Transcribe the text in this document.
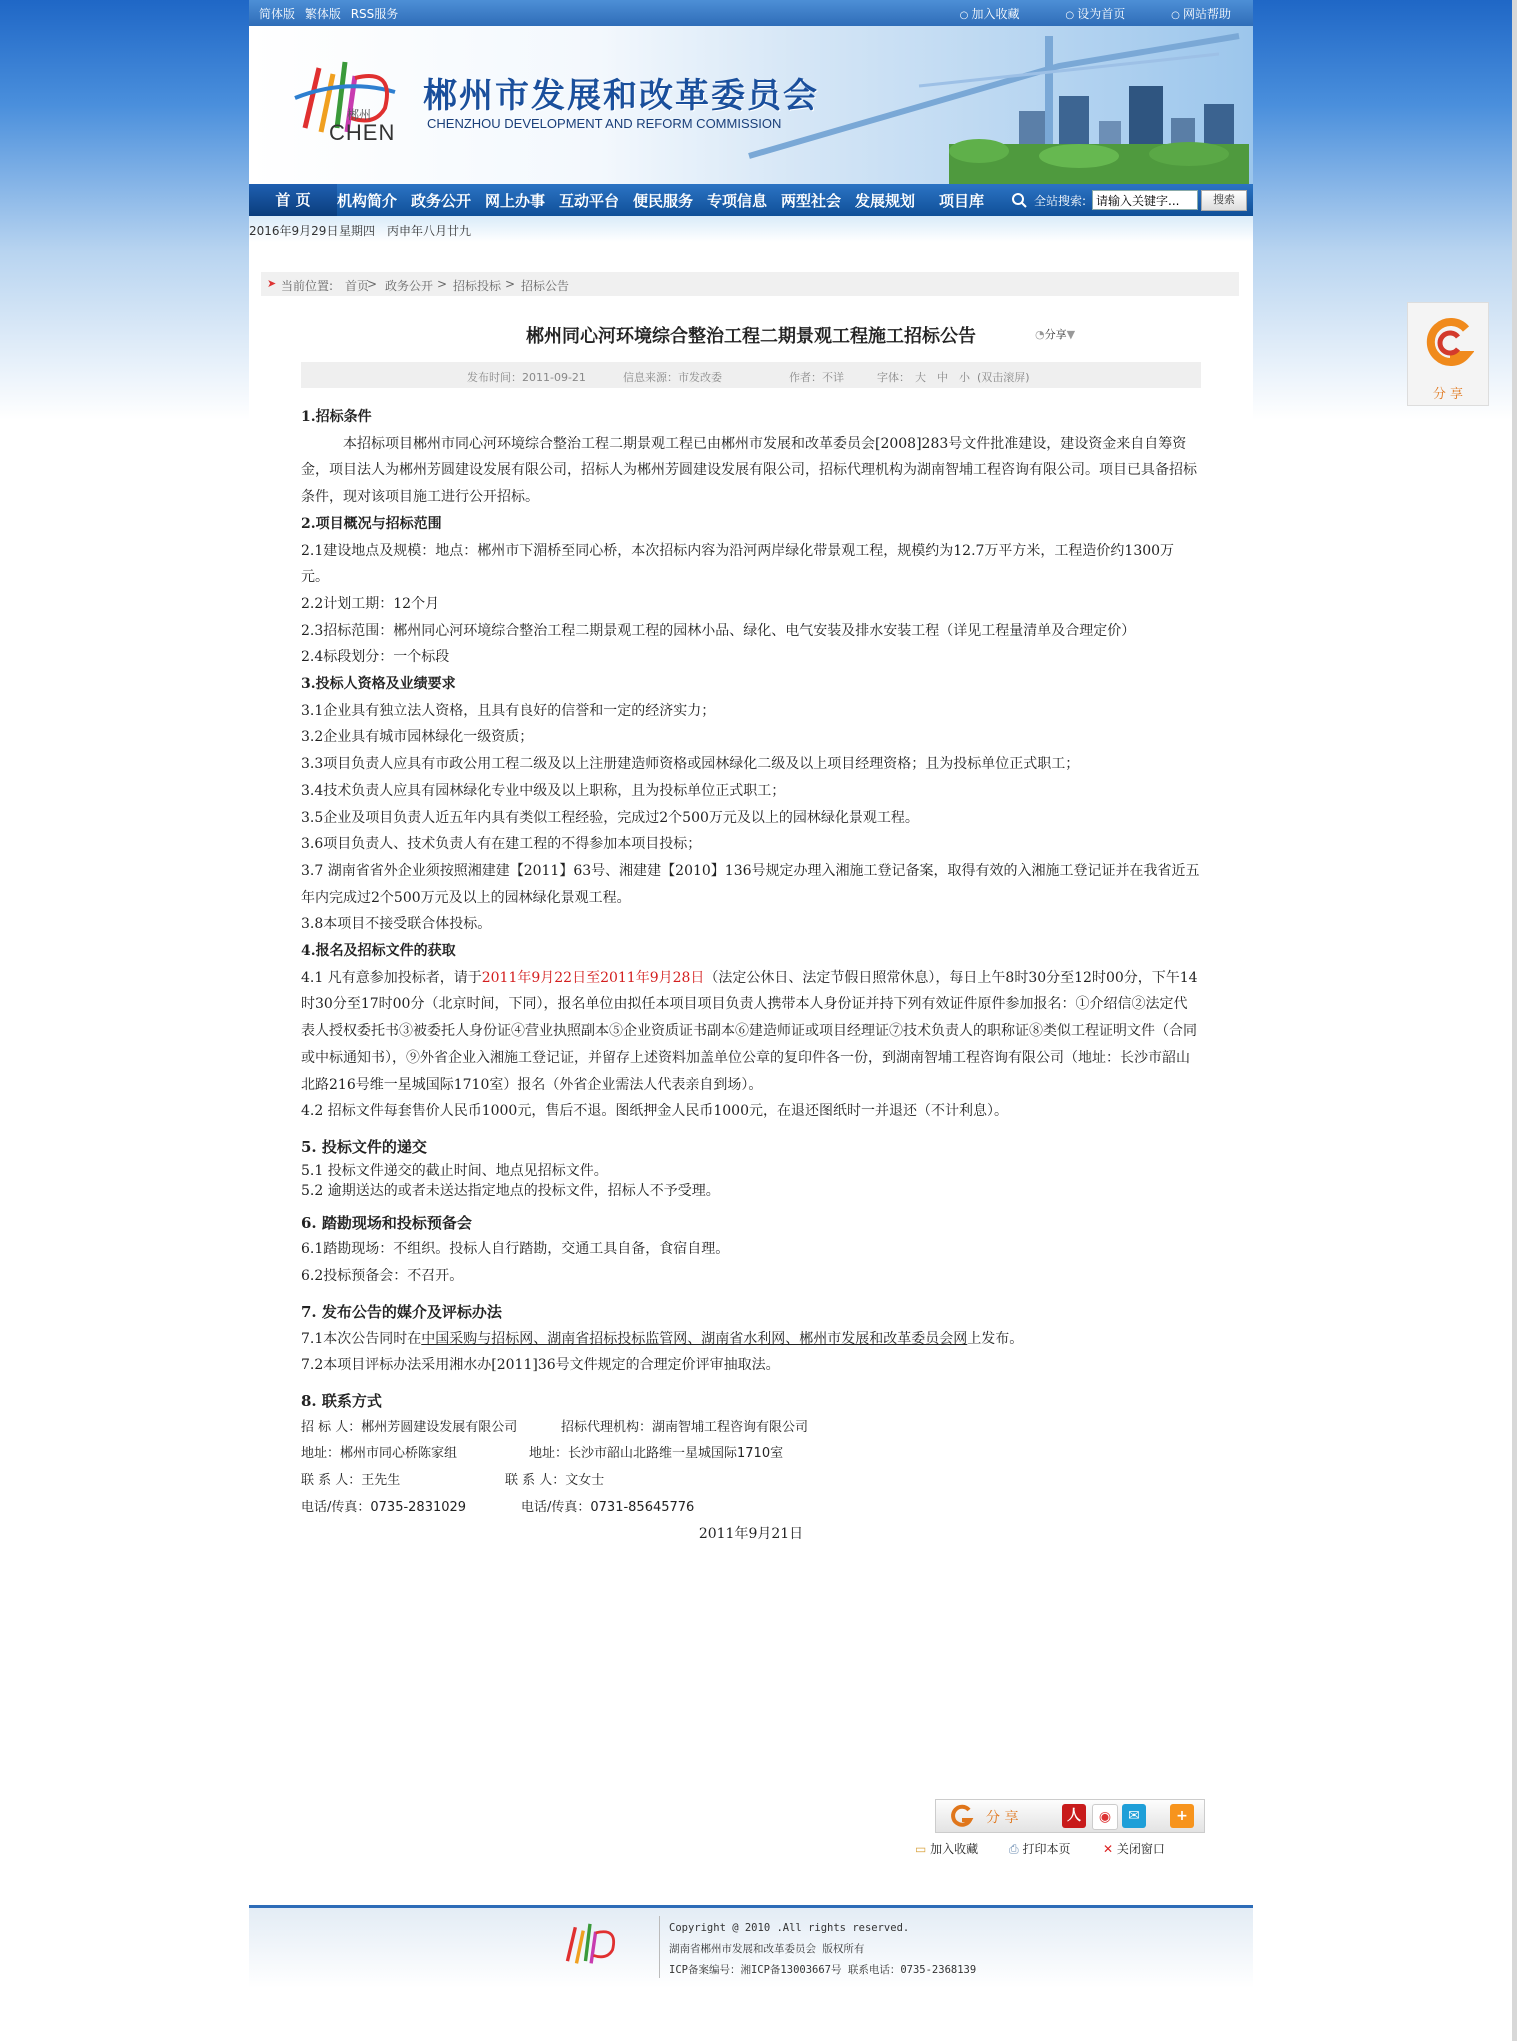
简体版 繁体版 RSS服务	○ 加入收藏	○ 设为首页	○ 网站帮助
郴州
CHEN
郴州市发展和改革委员会
CHENZHOU DEVELOPMENT AND REFORM COMMISSION
首 页	机构简介 政务公开 网上办事 互动平台 便民服务 专项信息 两型社会 发展规划 项目库	全站搜索:
请输入关键字...	搜索
2016年9月29日 星期四 丙申年八月廿九
➤ 当前位置: 首页
> 政务公开 > 招标投标 > 招标公告
郴州同心河环境综合整治工程二期景观工程施工招标公告	◔分享▼
发布时间：2011-09-21	信息来源：市发改委	作者：不详	字体： 大 中 小 (双击滚屏)

1.招标条件

本招标项目郴州市同心河环境综合整治工程二期景观工程已由郴州市发展和改革委员会[2008]283号文件批准建设，建设资金来自自筹资金，项目法人为郴州芳圆建设发展有限公司，招标人为郴州芳圆建设发展有限公司，招标代理机构为湖南智埔工程咨询有限公司。项目已具备招标条件，现对该项目施工进行公开招标。

2.项目概况与招标范围

2.1建设地点及规模：地点：郴州市下湄桥至同心桥，本次招标内容为沿河两岸绿化带景观工程，规模约为12.7万平方米，工程造价约1300万元。

2.2计划工期：12个月

2.3招标范围：郴州同心河环境综合整治工程二期景观工程的园林小品、绿化、电气安装及排水安装工程（详见工程量清单及合理定价）

2.4标段划分：一个标段

3.投标人资格及业绩要求

3.1企业具有独立法人资格，且具有良好的信誉和一定的经济实力；

3.2企业具有城市园林绿化一级资质；

3.3项目负责人应具有市政公用工程二级及以上注册建造师资格或园林绿化二级及以上项目经理资格；且为投标单位正式职工；

3.4技术负责人应具有园林绿化专业中级及以上职称，且为投标单位正式职工；

3.5企业及项目负责人近五年内具有类似工程经验，完成过2个500万元及以上的园林绿化景观工程。

3.6项目负责人、技术负责人有在建工程的不得参加本项目投标；

3.7 湖南省省外企业须按照湘建建【2011】63号、湘建建【2010】136号规定办理入湘施工登记备案，取得有效的入湘施工登记证并在我省近五年内完成过2个500万元及以上的园林绿化景观工程。

3.8本项目不接受联合体投标。

4.报名及招标文件的获取

4.1 凡有意参加投标者，请于2011年9月22日至2011年9月28日（法定公休日、法定节假日照常休息），每日上午8时30分至12时00分，下午14时30分至17时00分（北京时间，下同），报名单位由拟任本项目项目负责人携带本人身份证并持下列有效证件原件参加报名：①介绍信②法定代表人授权委托书③被委托人身份证④营业执照副本⑤企业资质证书副本⑥建造师证或项目经理证⑦技术负责人的职称证⑧类似工程证明文件（合同或中标通知书），⑨外省企业入湘施工登记证，并留存上述资料加盖单位公章的复印件各一份，到湖南智埔工程咨询有限公司（地址：长沙市韶山北路216号维一星城国际1710室）报名（外省企业需法人代表亲自到场）。

4.2 招标文件每套售价人民币1000元，售后不退。图纸押金人民币1000元，在退还图纸时一并退还（不计利息）。

5. 投标文件的递交

5.1 投标文件递交的截止时间、地点见招标文件。

5.2 逾期送达的或者未送达指定地点的投标文件，招标人不予受理。

6. 踏勘现场和投标预备会

6.1踏勘现场：不组织。投标人自行踏勘，交通工具自备，食宿自理。

6.2投标预备会：不召开。

7. 发布公告的媒介及评标办法

7.1本次公告同时在中国采购与招标网、湖南省招标投标监管网、湖南省水利网、郴州市发展和改革委员会网上发布。

7.2本项目评标办法采用湘水办[2011]36号文件规定的合理定价评审抽取法。

8. 联系方式

招 标 人：郴州芳圆建设发展有限公司	招标代理机构：湖南智埔工程咨询有限公司

地址：郴州市同心桥陈家组	地址：长沙市韶山北路维一星城国际1710室

联 系 人：王先生	联 系 人：文女士

电话/传真：0735-2831029	电话/传真：0731-85645776

2011年9月21日

分 享	人	◉	✉	+
▭ 加入收藏	⎙ 打印本页	✕ 关闭窗口
Copyright @ 2010 .All rights reserved.
湖南省郴州市发展和改革委员会 版权所有
ICP备案编号：湘ICP备13003667号 联系电话：0735-2368139
分 享
